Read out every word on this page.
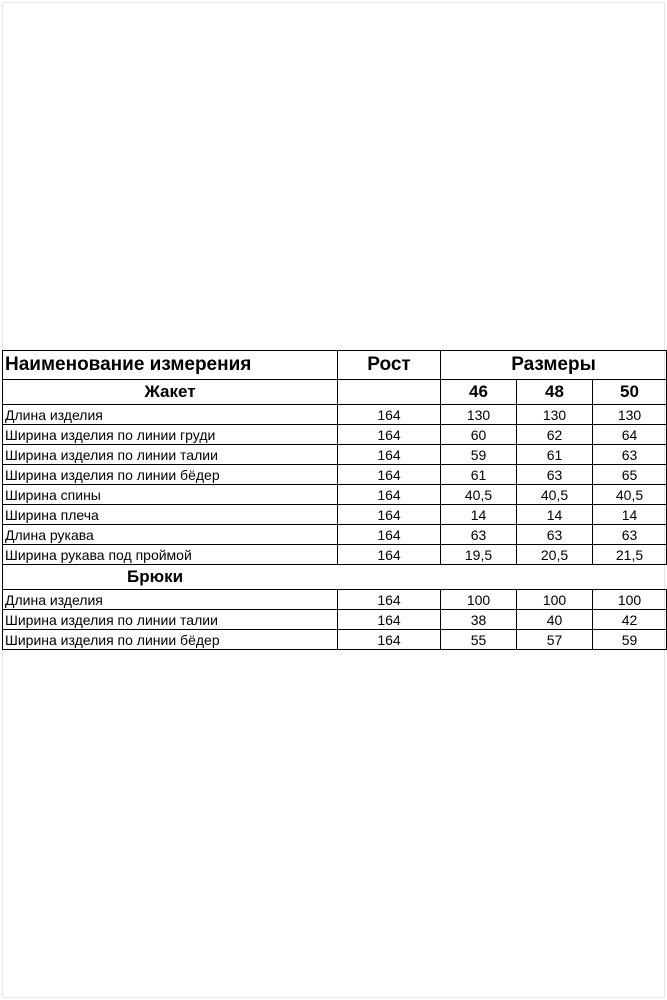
Наименование измерения	Рост	Размеры		
Жакет		46	48	50
Длина изделия	164	130	130	130
Ширина изделия по линии груди	164	60	62	64
Ширина изделия по линии талии	164	59	61	63
Ширина изделия по линии бёдер	164	61	63	65
Ширина спины	164	40,5	40,5	40,5
Ширина плеча	164	14	14	14
Длина рукава	164	63	63	63
Ширина рукава под проймой	164	19,5	20,5	21,5
Брюки				
Длина изделия	164	100	100	100
Ширина изделия по линии талии	164	38	40	42
Ширина изделия по линии бёдер	164	55	57	59
